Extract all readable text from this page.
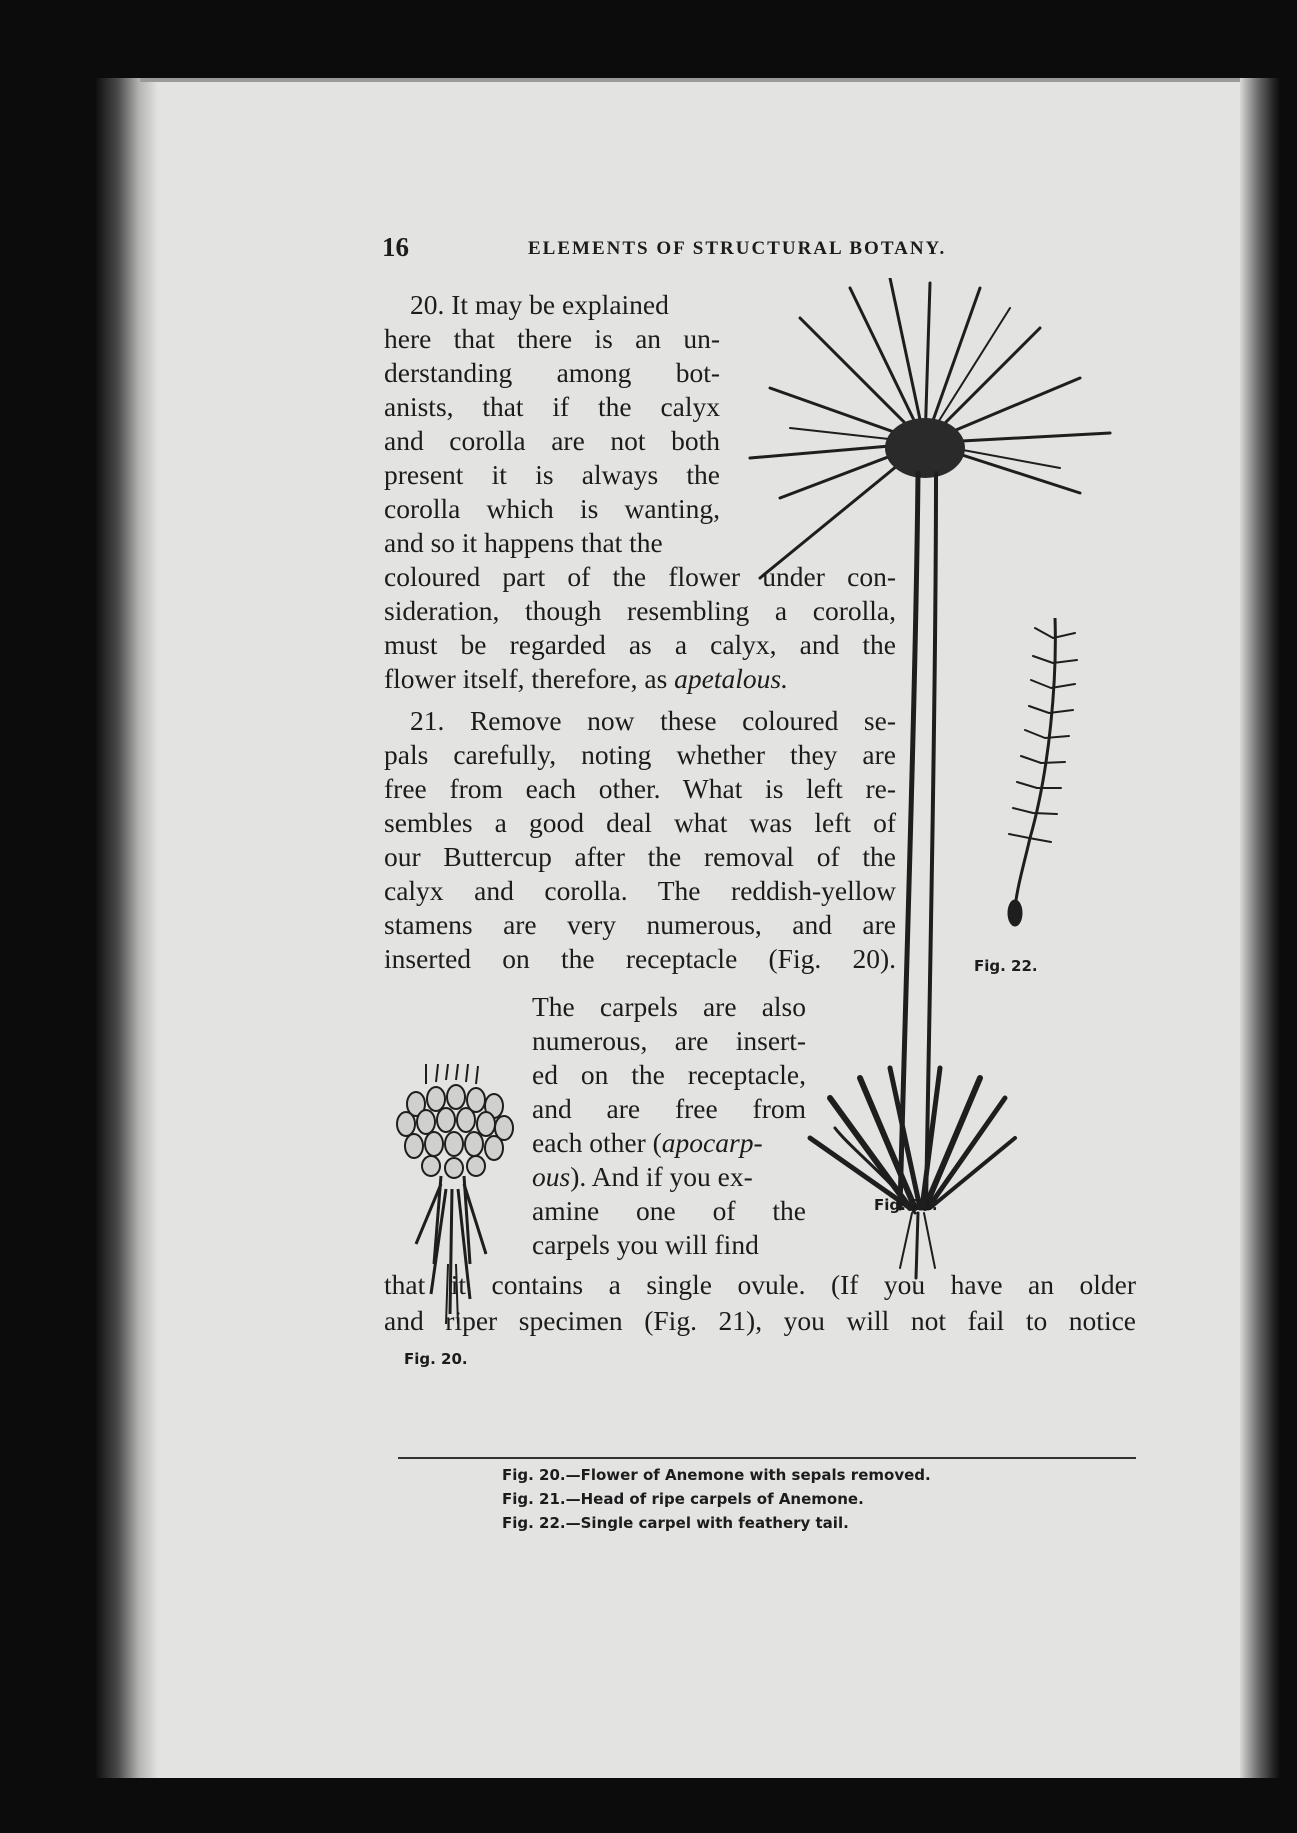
16	ELEMENTS OF STRUCTURAL BOTANY.
20. It may be explained
here that there is an un-
derstanding among bot-
anists, that if the calyx
and corolla are not both
present it is always the
corolla which is wanting,
and so it happens that the
coloured part of the flower under con-
sideration, though resembling a corolla,
must be regarded as a calyx, and the
flower itself, therefore, as apetalous.
21. Remove now these coloured se-
pals carefully, noting whether they are
free from each other. What is left re-
sembles a good deal what was left of
our Buttercup after the removal of the
calyx and corolla. The reddish-yellow
stamens are very numerous, and are
inserted on the receptacle (Fig. 20).
The carpels are also
numerous, are insert-
ed on the receptacle,
and are free from
each other (apocarp-
ous). And if you ex-
amine one of the
carpels you will find
that it contains a single ovule. (If you have an older
and riper specimen (Fig. 21), you will not fail to notice
Fig. 21.
Fig. 22.
Fig. 20.
Fig. 20.—Flower of Anemone with sepals removed.
Fig. 21.—Head of ripe carpels of Anemone.
Fig. 22.—Single carpel with feathery tail.
